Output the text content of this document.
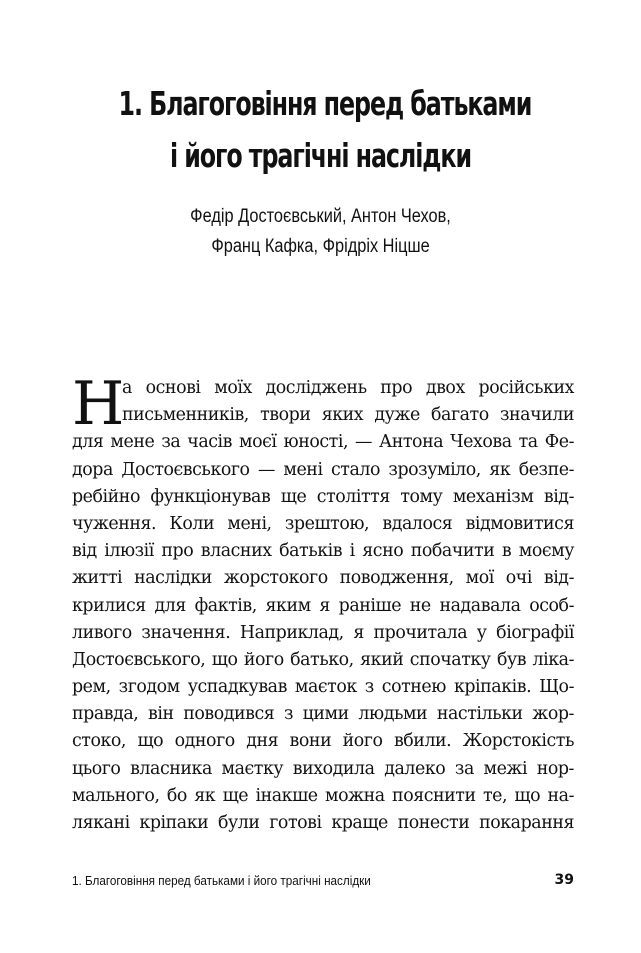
1. Благоговіння перед батьками
і його трагічні наслідки
Федір Достоєвський, Антон Чехов,
Франц Кафка, Фрідріх Ніцше
Н
а основі моїх досліджень про двох російських
письменників, твори яких дуже багато значили
для мене за часів моєї юності, — Антона Чехова та Фе-
дора Достоєвського — мені стало зрозуміло, як безпе-
ребійно функціонував ще століття тому механізм від-
чуження. Коли мені, зрештою, вдалося відмовитися
від ілюзії про власних батьків і ясно побачити в моєму
житті наслідки жорстокого поводження, мої очі від-
крилися для фактів, яким я раніше не надавала особ-
ливого значення. Наприклад, я прочитала у біографії
Достоєвського, що його батько, який спочатку був лікa-
рем, згодом успадкував маєток з сотнею кріпаків. Що-
правда, він поводився з цими людьми настільки жор-
стоко, що одного дня вони його вбили. Жорстокість
цього власника маєтку виходила далеко за межі нор-
мального, бо як ще інакше можна пояснити те, що на-
лякані кріпаки були готові краще понести покарання
1. Благоговіння перед батьками і його трагічні наслідки	39
